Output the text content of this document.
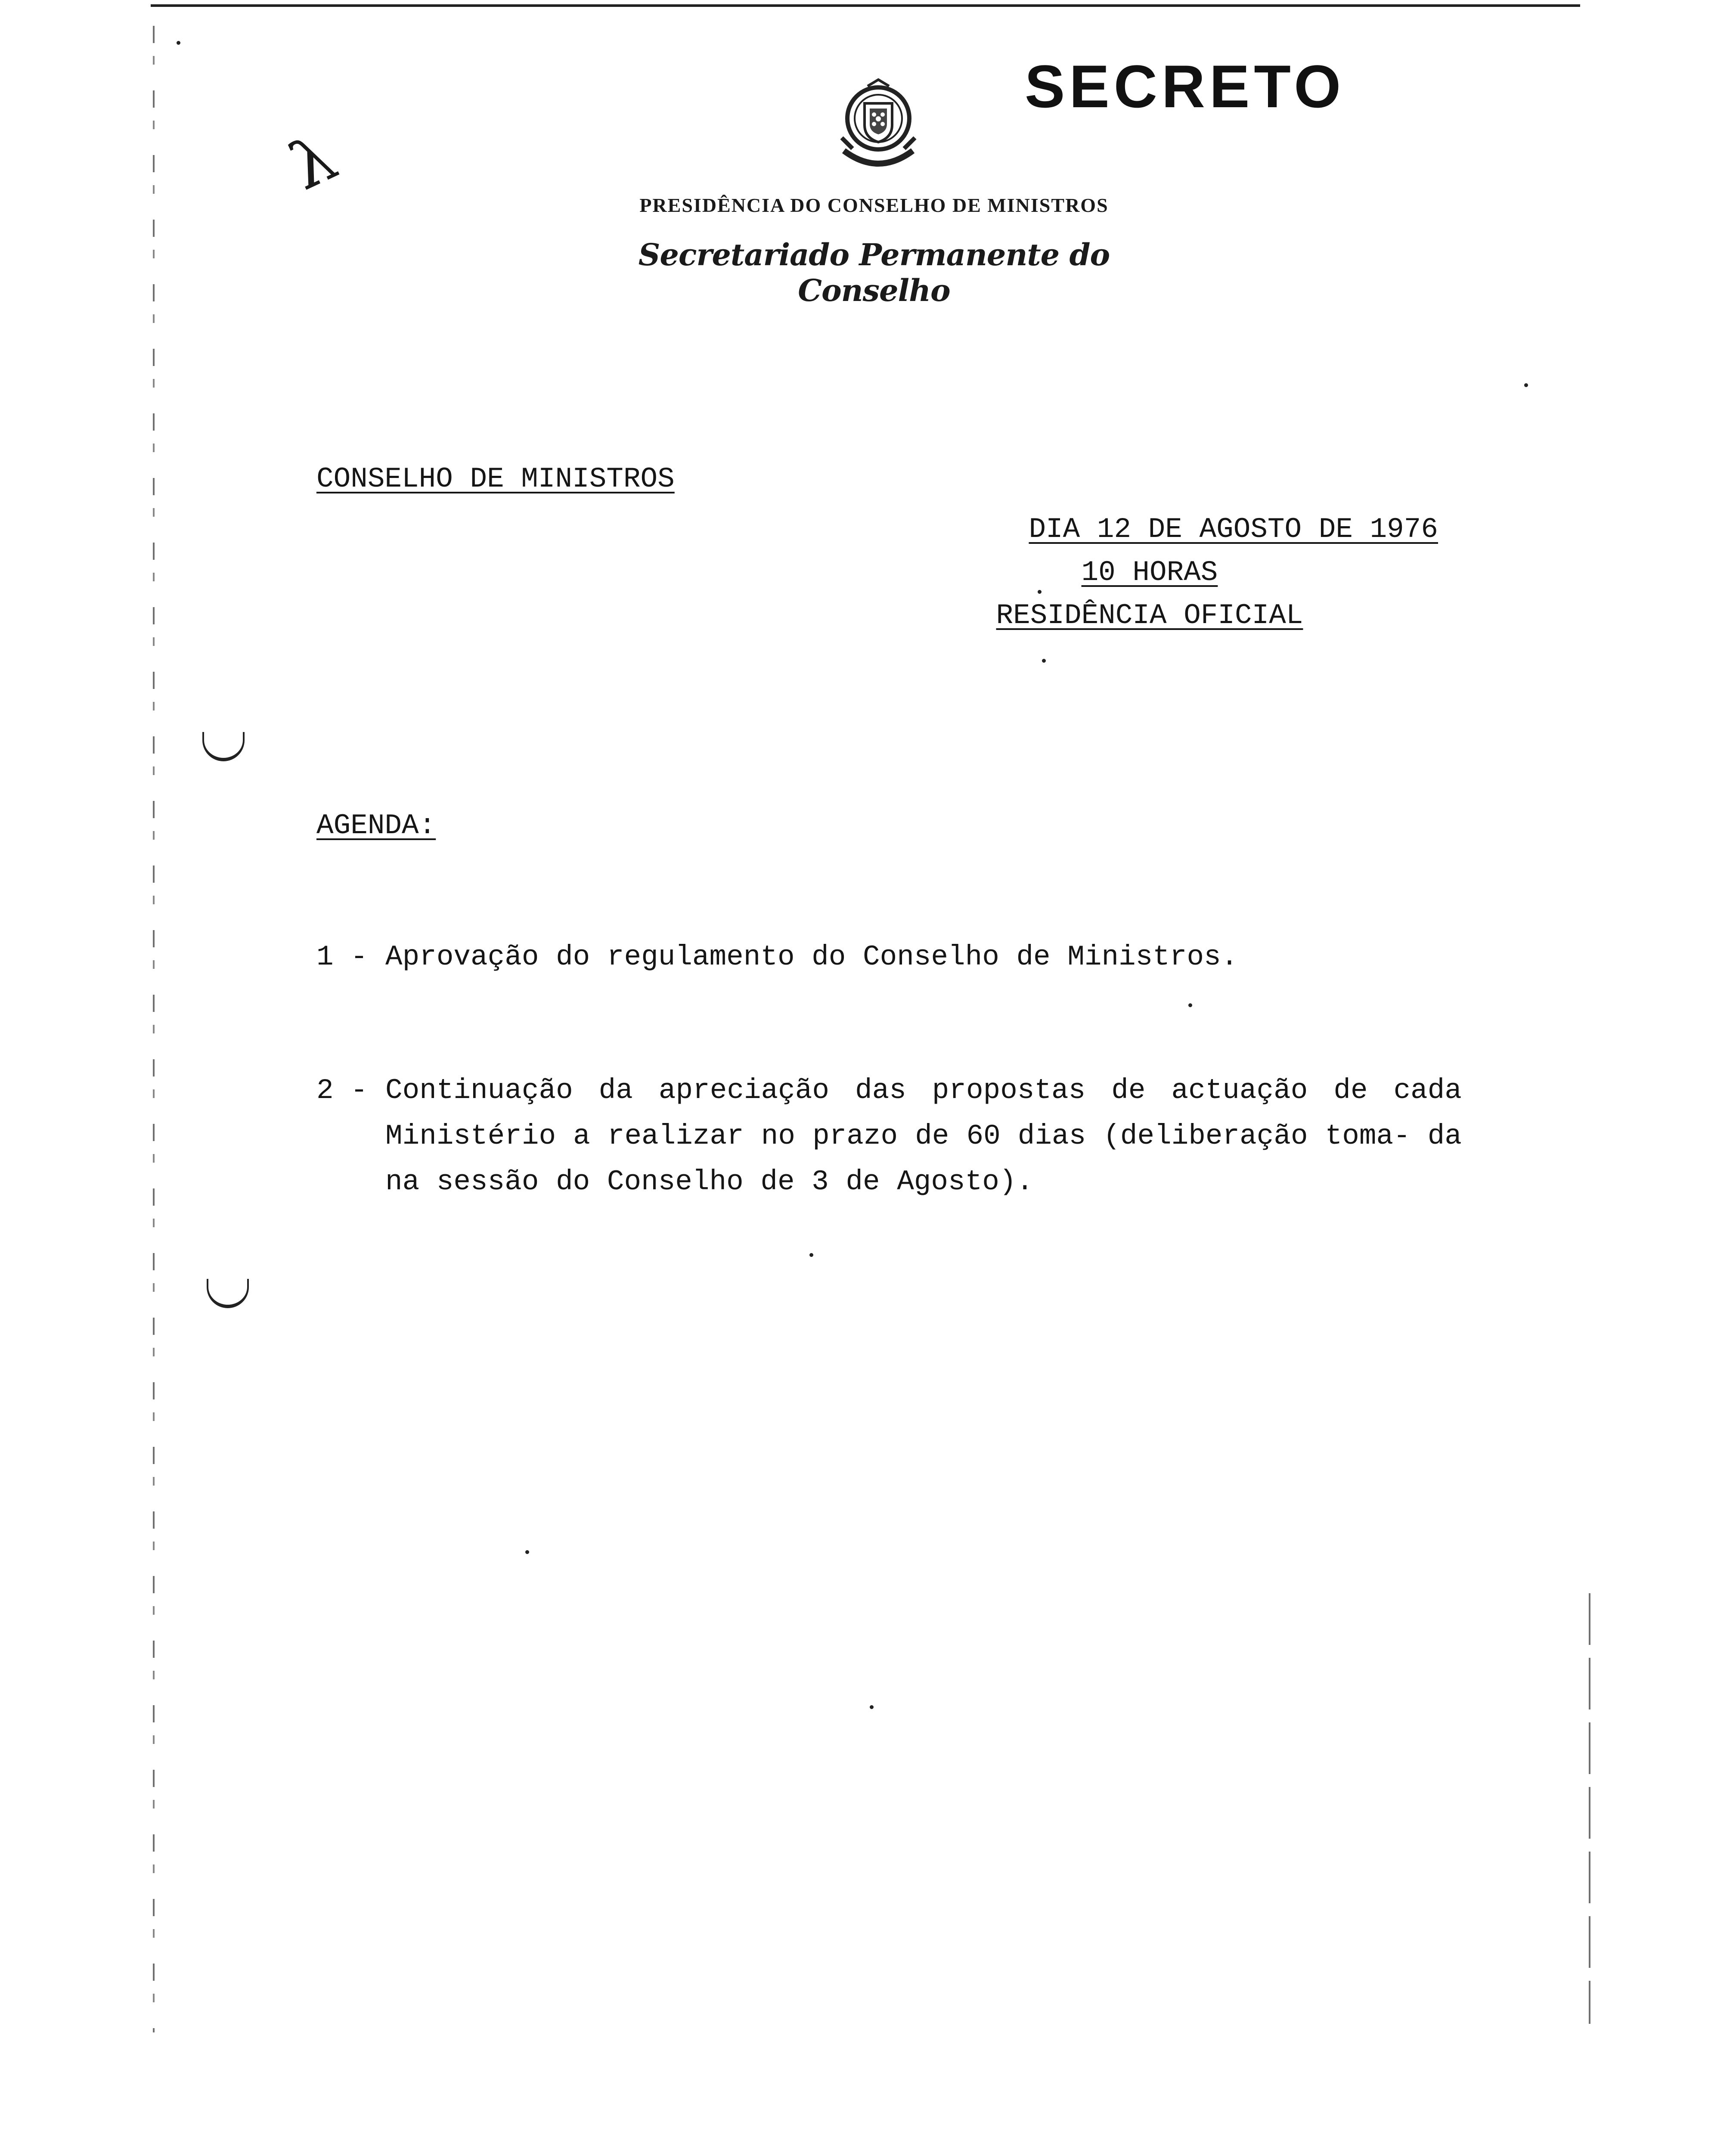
λ
SECRETO
PRESIDÊNCIA DO CONSELHO DE MINISTROS
Secretariado Permanente do Conselho
CONSELHO DE MINISTROS
DIA 12 DE AGOSTO DE 1976
10 HORAS
RESIDÊNCIA OFICIAL
AGENDA:
1 - Aprovação do regulamento do Conselho de Ministros.
2 - Continuação da apreciação das propostas de actuação de cada Ministério a realizar no prazo de 60 dias (deliberação toma- da na sessão do Conselho de 3 de Agosto).
